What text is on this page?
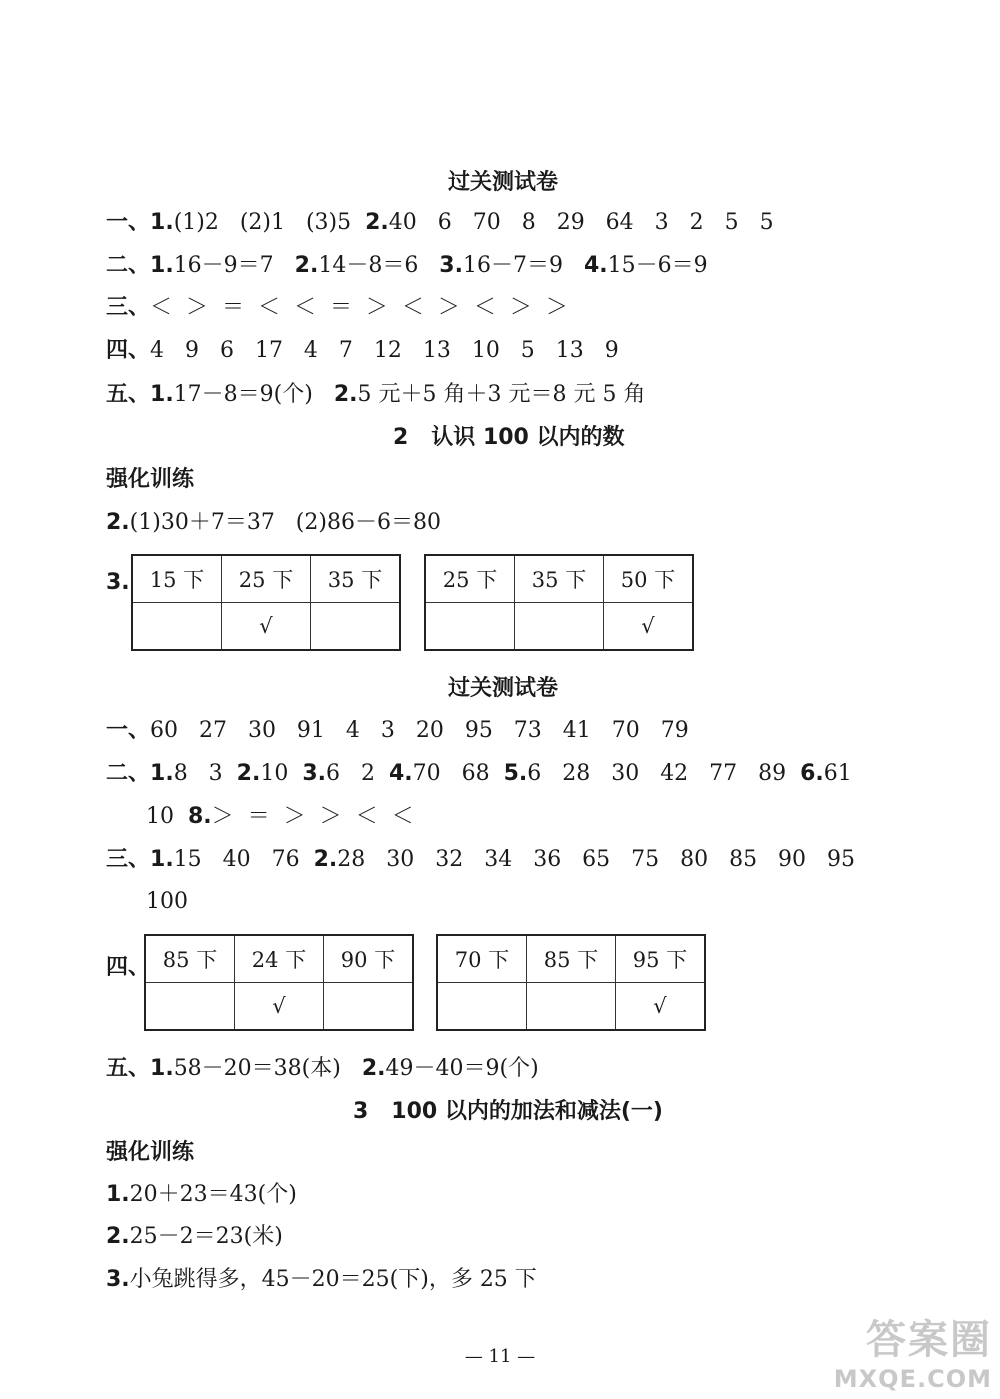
过关测试卷
一、1.(1)2   (2)1   (3)5  2.40   6   70   8   29   64   3   2   5   5
二、1.16－9＝7   2.14－8＝6   3.16－7＝9   4.15－6＝9
三、＜  ＞  ＝  ＜  ＜  ＝  ＞  ＜  ＞  ＜  ＞  ＞
四、4   9   6   17   4   7   12   13   10   5   13   9
五、1.17－8＝9(个)   2.5 元＋5 角＋3 元＝8 元 5 角
2   认识 100 以内的数
强化训练
2.(1)30＋7＝37   (2)86－6＝80
3. 15 下	25 下	35 下
	√	
25 下	35 下	50 下
		√
过关测试卷
一、60   27   30   91   4   3   20   95   73   41   70   79
二、1.8   3  2.10  3.6   2  4.70   68  5.6   28   30   42   77   89  6.61
10  8.＞  ＝  ＞  ＞  ＜  ＜
三、1.15   40   76  2.28   30   32   34   36   65   75   80   85   90   95
100
四、 85 下	24 下	90 下
	√	
70 下	85 下	95 下
		√
五、1.58－20＝38(本)   2.49－40＝9(个)
3   100 以内的加法和减法(一)
强化训练
1.20＋23＝43(个)
2.25－2＝23(米)
3.小兔跳得多，45－20＝25(下)，多 25 下
— 11 —	答案圈
MXQE.COM
